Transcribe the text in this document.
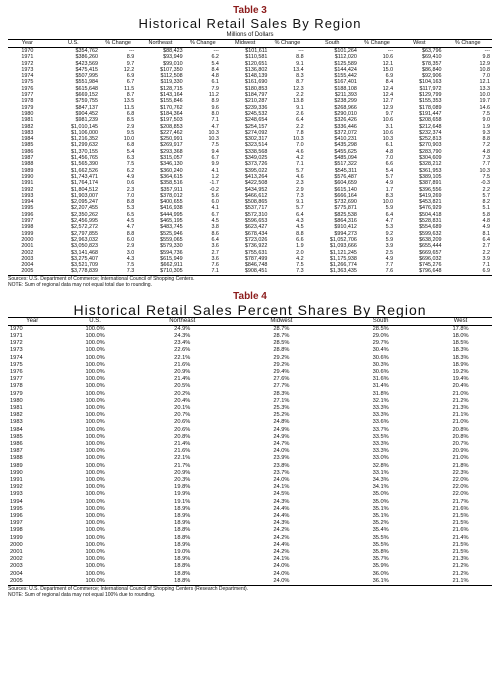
Table 3
Historical Retail Sales By Region
Millions of Dollars
Year	U.S.	% Change	Northeast	% Change	Midwest	% Change	South	% Change	West	% Change
1970	$354,762	---	$88,423	---	$101,611	---	$101,264	---	$63,796	---
1971	$386,260	8.9	$93,949	6.2	$110,581	8.8	$112,020	10.6	$69,410	9.8
1972	$423,569	9.7	$99,010	5.4	$120,651	9.1	$125,589	12.1	$78,357	12.9
1973	$475,415	12.2	$107,350	8.4	$136,802	13.4	$144,424	15.0	$86,840	10.8
1974	$507,995	6.9	$112,508	4.8	$148,139	8.3	$155,442	6.9	$92,906	7.0
1975	$551,984	6.7	$119,330	6.1	$161,690	8.7	$167,401	8.4	$104,163	12.1
1976	$615,648	11.5	$128,715	7.9	$180,853	12.3	$188,108	12.4	$117,972	13.3
1977	$669,152	8.7	$143,164	11.2	$184,797	2.2	$211,393	12.4	$129,799	10.0
1978	$759,755	13.5	$155,846	8.9	$210,287	13.8	$238,299	12.7	$155,353	19.7
1979	$847,137	11.5	$170,762	9.6	$239,336	9.1	$268,966	12.9	$178,089	14.6
1980	$904,452	6.8	$184,364	8.0	$245,532	2.6	$290,010	9.7	$191,447	7.5
1981	$981,239	8.5	$197,503	7.1	$248,654	6.4	$326,426	10.6	$208,658	9.0
1982	$1,010,145	2.9	$208,853	4.7	$254,157	2.2	$336,446	3.1	$212,648	1.9
1983	$1,106,000	9.5	$227,462	10.3	$274,092	7.8	$372,072	10.6	$232,374	9.3
1984	$1,216,352	10.0	$250,991	10.3	$302,317	10.3	$410,231	10.3	$252,813	8.8
1985	$1,299,632	6.8	$269,917	7.5	$323,514	7.0	$435,298	6.1	$270,903	7.2
1986	$1,370,155	5.4	$293,368	9.4	$338,568	4.6	$455,625	4.8	$283,790	4.8
1987	$1,456,765	6.3	$315,057	6.7	$349,025	4.2	$485,094	7.0	$304,609	7.3
1988	$1,565,390	7.5	$346,130	9.9	$373,726	7.1	$517,322	6.6	$328,212	7.7
1989	$1,662,526	6.2	$360,240	4.1	$395,022	5.7	$545,311	5.4	$361,953	10.3
1990	$1,743,471	4.9	$364,615	1.2	$413,264	4.6	$576,487	5.7	$389,105	7.5
1991	$1,764,174	0.6	$358,516	-1.7	$422,508	2.3	$604,659	4.9	$387,891	-0.3
1992	$1,804,512	2.3	$357,911	-0.2	$434,952	2.9	$615,140	1.7	$396,556	2.2
1993	$1,903,007	7.0	$378,012	5.6	$466,612	7.3	$666,164	8.3	$419,269	5.7
1994	$2,095,247	8.8	$400,655	6.0	$508,865	9.1	$732,690	10.0	$453,821	8.2
1995	$2,207,455	5.3	$416,938	4.1	$537,717	5.7	$775,871	5.9	$476,929	5.1
1996	$2,350,262	6.5	$444,995	6.7	$572,310	6.4	$825,538	6.4	$504,418	5.8
1997	$2,456,995	4.5	$465,195	4.5	$596,653	4.3	$864,316	4.7	$528,831	4.8
1998	$2,572,272	4.7	$483,745	3.8	$623,427	4.5	$910,412	5.3	$554,689	4.9
1999	$2,797,855	8.8	$525,946	8.6	$678,434	8.8	$994,273	9.2	$599,632	8.1
2000	$2,963,032	6.0	$559,065	6.4	$723,026	6.6	$1,052,706	5.9	$638,209	6.4
2001	$3,050,823	2.9	$579,330	3.6	$736,922	1.9	$1,093,666	3.9	$655,444	2.7
2002	$3,141,468	3.0	$594,736	2.7	$755,631	2.0	$1,121,245	2.5	$669,657	2.2
2003	$3,275,407	4.3	$615,949	3.6	$787,499	4.2	$1,175,938	4.9	$696,032	3.9
2004	$3,521,709	7.5	$662,911	7.6	$846,748	7.5	$1,266,774	7.7	$745,276	7.1
2005	$3,778,839	7.3	$710,305	7.1	$908,451	7.3	$1,363,435	7.6	$796,648	6.9
Sources: U.S. Department of Commerce; International Council of Shopping Centers.
NOTE: Sum of regional data may not equal total due to rounding.
Table 4
Historical Retail Sales Percent Shares By Region
Year	U.S.	Northeast	Midwest	South	West
1970	100.0%	24.9%	28.7%	28.5%	17.8%
1971	100.0%	24.3%	28.7%	29.0%	18.0%
1972	100.0%	23.4%	28.5%	29.7%	18.5%
1973	100.0%	22.6%	28.8%	30.4%	18.3%
1974	100.0%	22.1%	29.2%	30.6%	18.3%
1975	100.0%	21.6%	29.2%	30.3%	18.9%
1976	100.0%	20.9%	29.4%	30.6%	19.2%
1977	100.0%	21.4%	27.6%	31.6%	19.4%
1978	100.0%	20.5%	27.7%	31.4%	20.4%
1979	100.0%	20.2%	28.3%	31.8%	21.0%
1980	100.0%	20.4%	27.1%	32.1%	21.2%
1981	100.0%	20.1%	25.3%	33.3%	21.3%
1982	100.0%	20.7%	25.2%	33.3%	21.1%
1983	100.0%	20.6%	24.8%	33.6%	21.0%
1984	100.0%	20.6%	24.9%	33.7%	20.8%
1985	100.0%	20.8%	24.9%	33.5%	20.8%
1986	100.0%	21.4%	24.7%	33.3%	20.7%
1987	100.0%	21.6%	24.0%	33.3%	20.9%
1988	100.0%	22.1%	23.9%	33.0%	21.0%
1989	100.0%	21.7%	23.8%	32.8%	21.8%
1990	100.0%	20.9%	23.7%	33.1%	22.3%
1991	100.0%	20.3%	24.0%	34.3%	22.0%
1992	100.0%	19.8%	24.1%	34.1%	22.0%
1993	100.0%	19.9%	24.5%	35.0%	22.0%
1994	100.0%	19.1%	24.3%	35.0%	21.7%
1995	100.0%	18.9%	24.4%	35.1%	21.6%
1996	100.0%	18.9%	24.4%	35.1%	21.5%
1997	100.0%	18.9%	24.3%	35.2%	21.5%
1998	100.0%	18.8%	24.2%	35.4%	21.6%
1999	100.0%	18.8%	24.2%	35.5%	21.4%
2000	100.0%	18.9%	24.4%	35.5%	21.5%
2001	100.0%	19.0%	24.2%	35.8%	21.5%
2002	100.0%	18.9%	24.1%	35.7%	21.3%
2003	100.0%	18.8%	24.0%	35.9%	21.2%
2004	100.0%	18.8%	24.0%	36.0%	21.2%
2005	100.0%	18.8%	24.0%	36.1%	21.1%
Sources: U.S. Department of Commerce; International Council of Shopping Centers (Research Department).
NOTE: Sum of regional data may not equal 100% due to rounding.
